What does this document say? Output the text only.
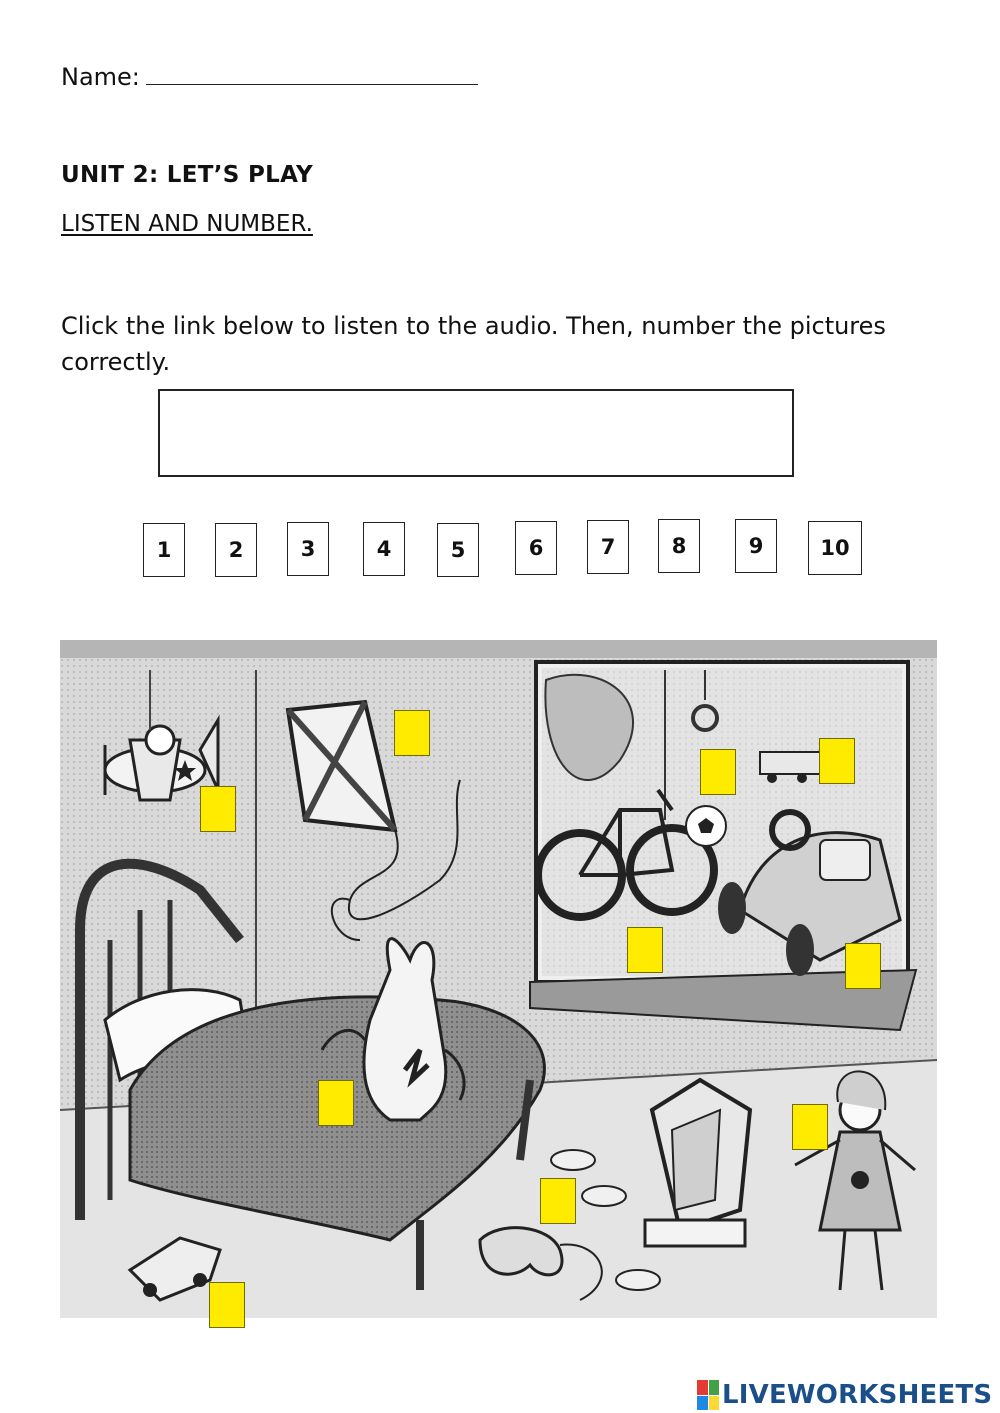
Name:
UNIT 2: LET’S PLAY
LISTEN AND NUMBER.
Click the link below to listen to the audio. Then, number the pictures correctly.
1	2	3	4	5	6	7	8	9	10
LIVEWORKSHEETS
